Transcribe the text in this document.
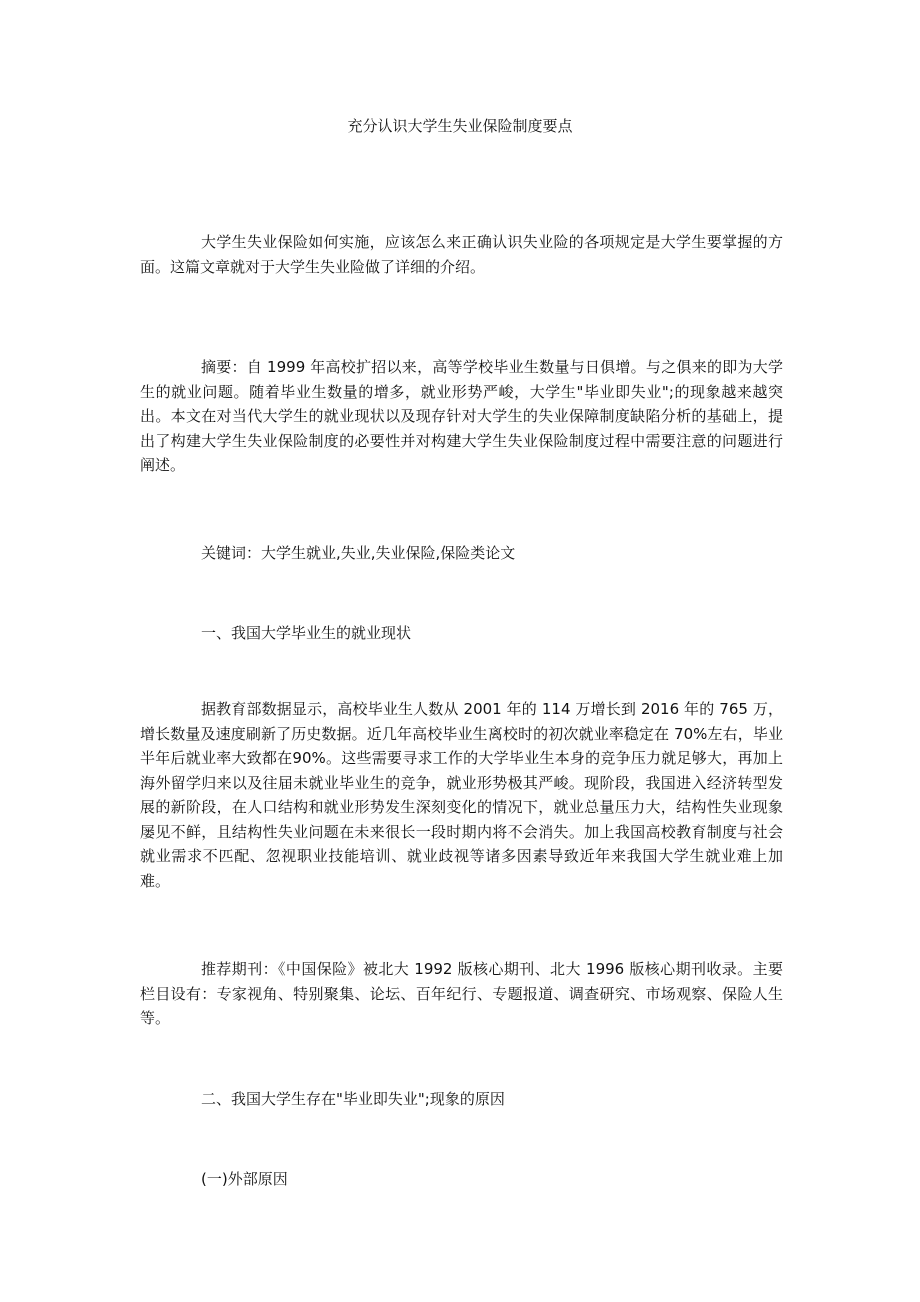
充分认识大学生失业保险制度要点

大学生失业保险如何实施，应该怎么来正确认识失业险的各项规定是大学生要掌握的方面。这篇文章就对于大学生失业险做了详细的介绍。

摘要：自 1999 年高校扩招以来，高等学校毕业生数量与日俱增。与之俱来的即为大学生的就业问题。随着毕业生数量的增多，就业形势严峻，大学生"毕业即失业";的现象越来越突出。本文在对当代大学生的就业现状以及现存针对大学生的失业保障制度缺陷分析的基础上，提出了构建大学生失业保险制度的必要性并对构建大学生失业保险制度过程中需要注意的问题进行阐述。

关键词：大学生就业,失业,失业保险,保险类论文

一、我国大学毕业生的就业现状

据教育部数据显示，高校毕业生人数从 2001 年的 114 万增长到 2016 年的 765 万，增长数量及速度刷新了历史数据。近几年高校毕业生离校时的初次就业率稳定在 70%左右，毕业半年后就业率大致都在90%。这些需要寻求工作的大学毕业生本身的竞争压力就足够大，再加上海外留学归来以及往届未就业毕业生的竞争，就业形势极其严峻。现阶段，我国进入经济转型发展的新阶段，在人口结构和就业形势发生深刻变化的情况下，就业总量压力大，结构性失业现象屡见不鲜，且结构性失业问题在未来很长一段时期内将不会消失。加上我国高校教育制度与社会就业需求不匹配、忽视职业技能培训、就业歧视等诸多因素导致近年来我国大学生就业难上加难。

推荐期刊：《中国保险》被北大 1992 版核心期刊、北大 1996 版核心期刊收录。主要栏目设有：专家视角、特别聚集、论坛、百年纪行、专题报道、调查研究、市场观察、保险人生等。

二、我国大学生存在"毕业即失业";现象的原因

(一)外部原因
